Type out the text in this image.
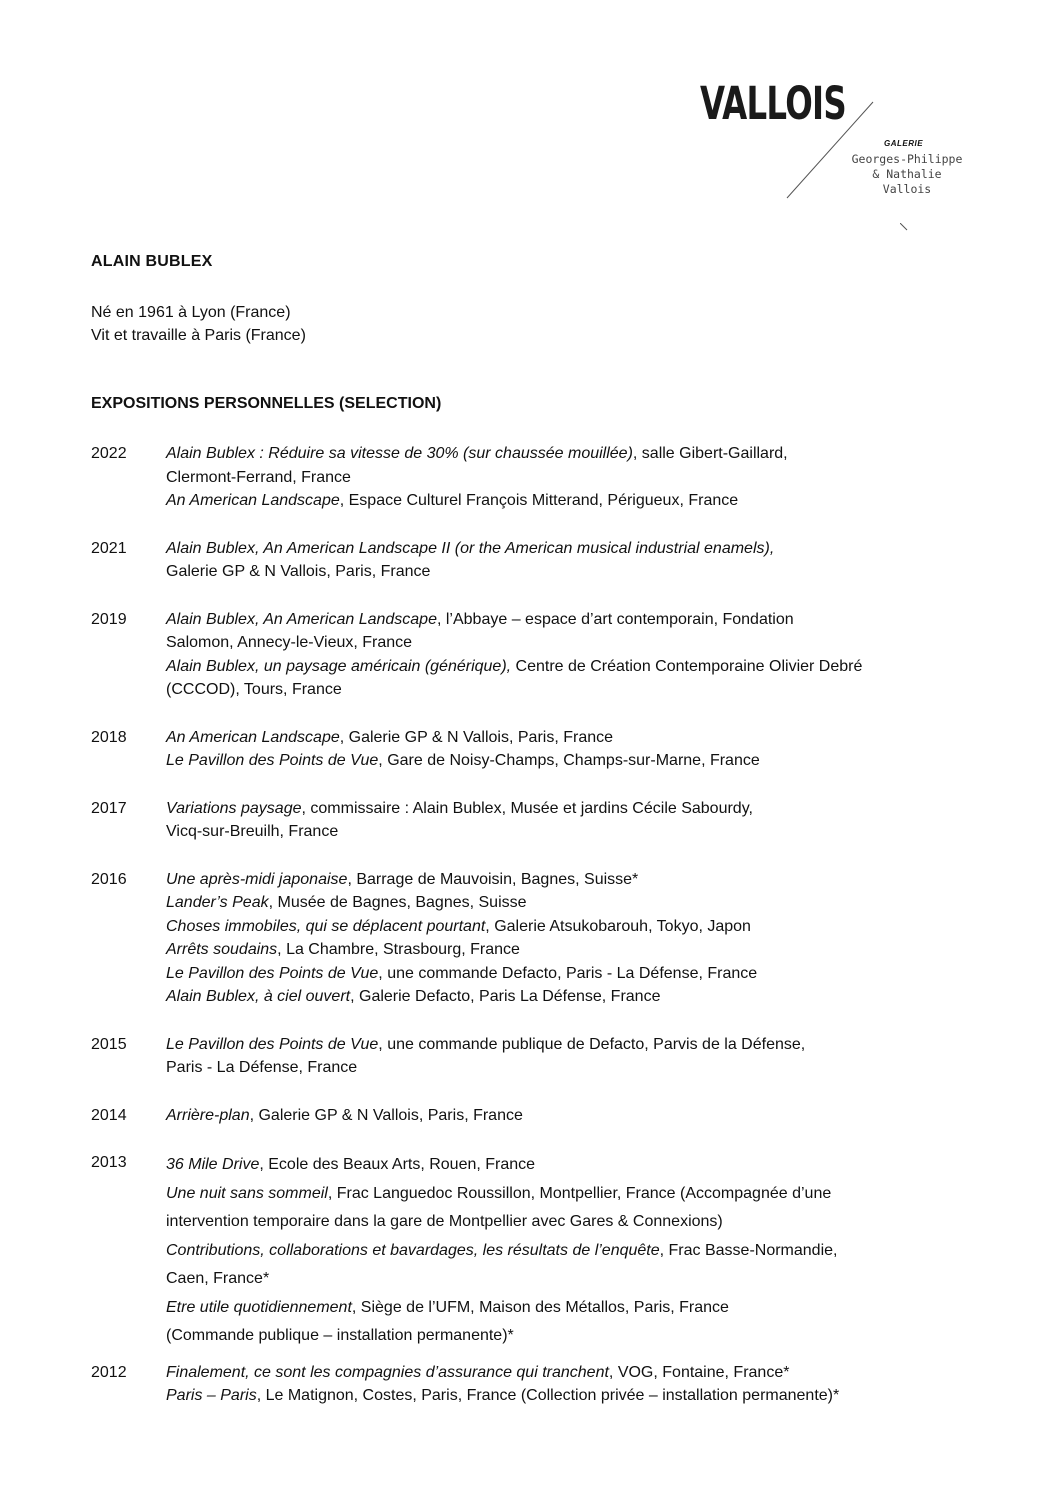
VALLOIS
GALERIE
Georges-Philippe
& Nathalie
Vallois
ALAIN BUBLEX
Né en 1961 à Lyon (France)
Vit et travaille à Paris (France)
EXPOSITIONS PERSONNELLES (SELECTION)
2022	Alain Bublex : Réduire sa vitesse de 30% (sur chaussée mouillée), salle Gibert-Gaillard,
Clermont-Ferrand, France
An American Landscape, Espace Culturel François Mitterand, Périgueux, France
2021	Alain Bublex, An American Landscape II (or the American musical industrial enamels),
Galerie GP & N Vallois, Paris, France
2019	Alain Bublex, An American Landscape, l’Abbaye – espace d’art contemporain, Fondation
Salomon, Annecy-le-Vieux, France
Alain Bublex, un paysage américain (générique), Centre de Création Contemporaine Olivier Debré
(CCCOD), Tours, France
2018	An American Landscape, Galerie GP & N Vallois, Paris, France
Le Pavillon des Points de Vue, Gare de Noisy-Champs, Champs-sur-Marne, France
2017	Variations paysage, commissaire : Alain Bublex, Musée et jardins Cécile Sabourdy,
Vicq-sur-Breuilh, France
2016	Une après-midi japonaise, Barrage de Mauvoisin, Bagnes, Suisse*
Lander’s Peak, Musée de Bagnes, Bagnes, Suisse
Choses immobiles, qui se déplacent pourtant, Galerie Atsukobarouh, Tokyo, Japon
Arrêts soudains, La Chambre, Strasbourg, France
Le Pavillon des Points de Vue, une commande Defacto, Paris - La Défense, France
Alain Bublex, à ciel ouvert, Galerie Defacto, Paris La Défense, France
2015	Le Pavillon des Points de Vue, une commande publique de Defacto, Parvis de la Défense,
Paris - La Défense, France
2014	Arrière-plan, Galerie GP & N Vallois, Paris, France
2013	36 Mile Drive, Ecole des Beaux Arts, Rouen, France
Une nuit sans sommeil, Frac Languedoc Roussillon, Montpellier, France (Accompagnée d’une
intervention temporaire dans la gare de Montpellier avec Gares & Connexions)
Contributions, collaborations et bavardages, les résultats de l’enquête, Frac Basse-Normandie,
Caen, France*
Etre utile quotidiennement, Siège de l’UFM, Maison des Métallos, Paris, France
(Commande publique – installation permanente)*
2012	Finalement, ce sont les compagnies d’assurance qui tranchent, VOG, Fontaine, France*
Paris – Paris, Le Matignon, Costes, Paris, France (Collection privée – installation permanente)*
